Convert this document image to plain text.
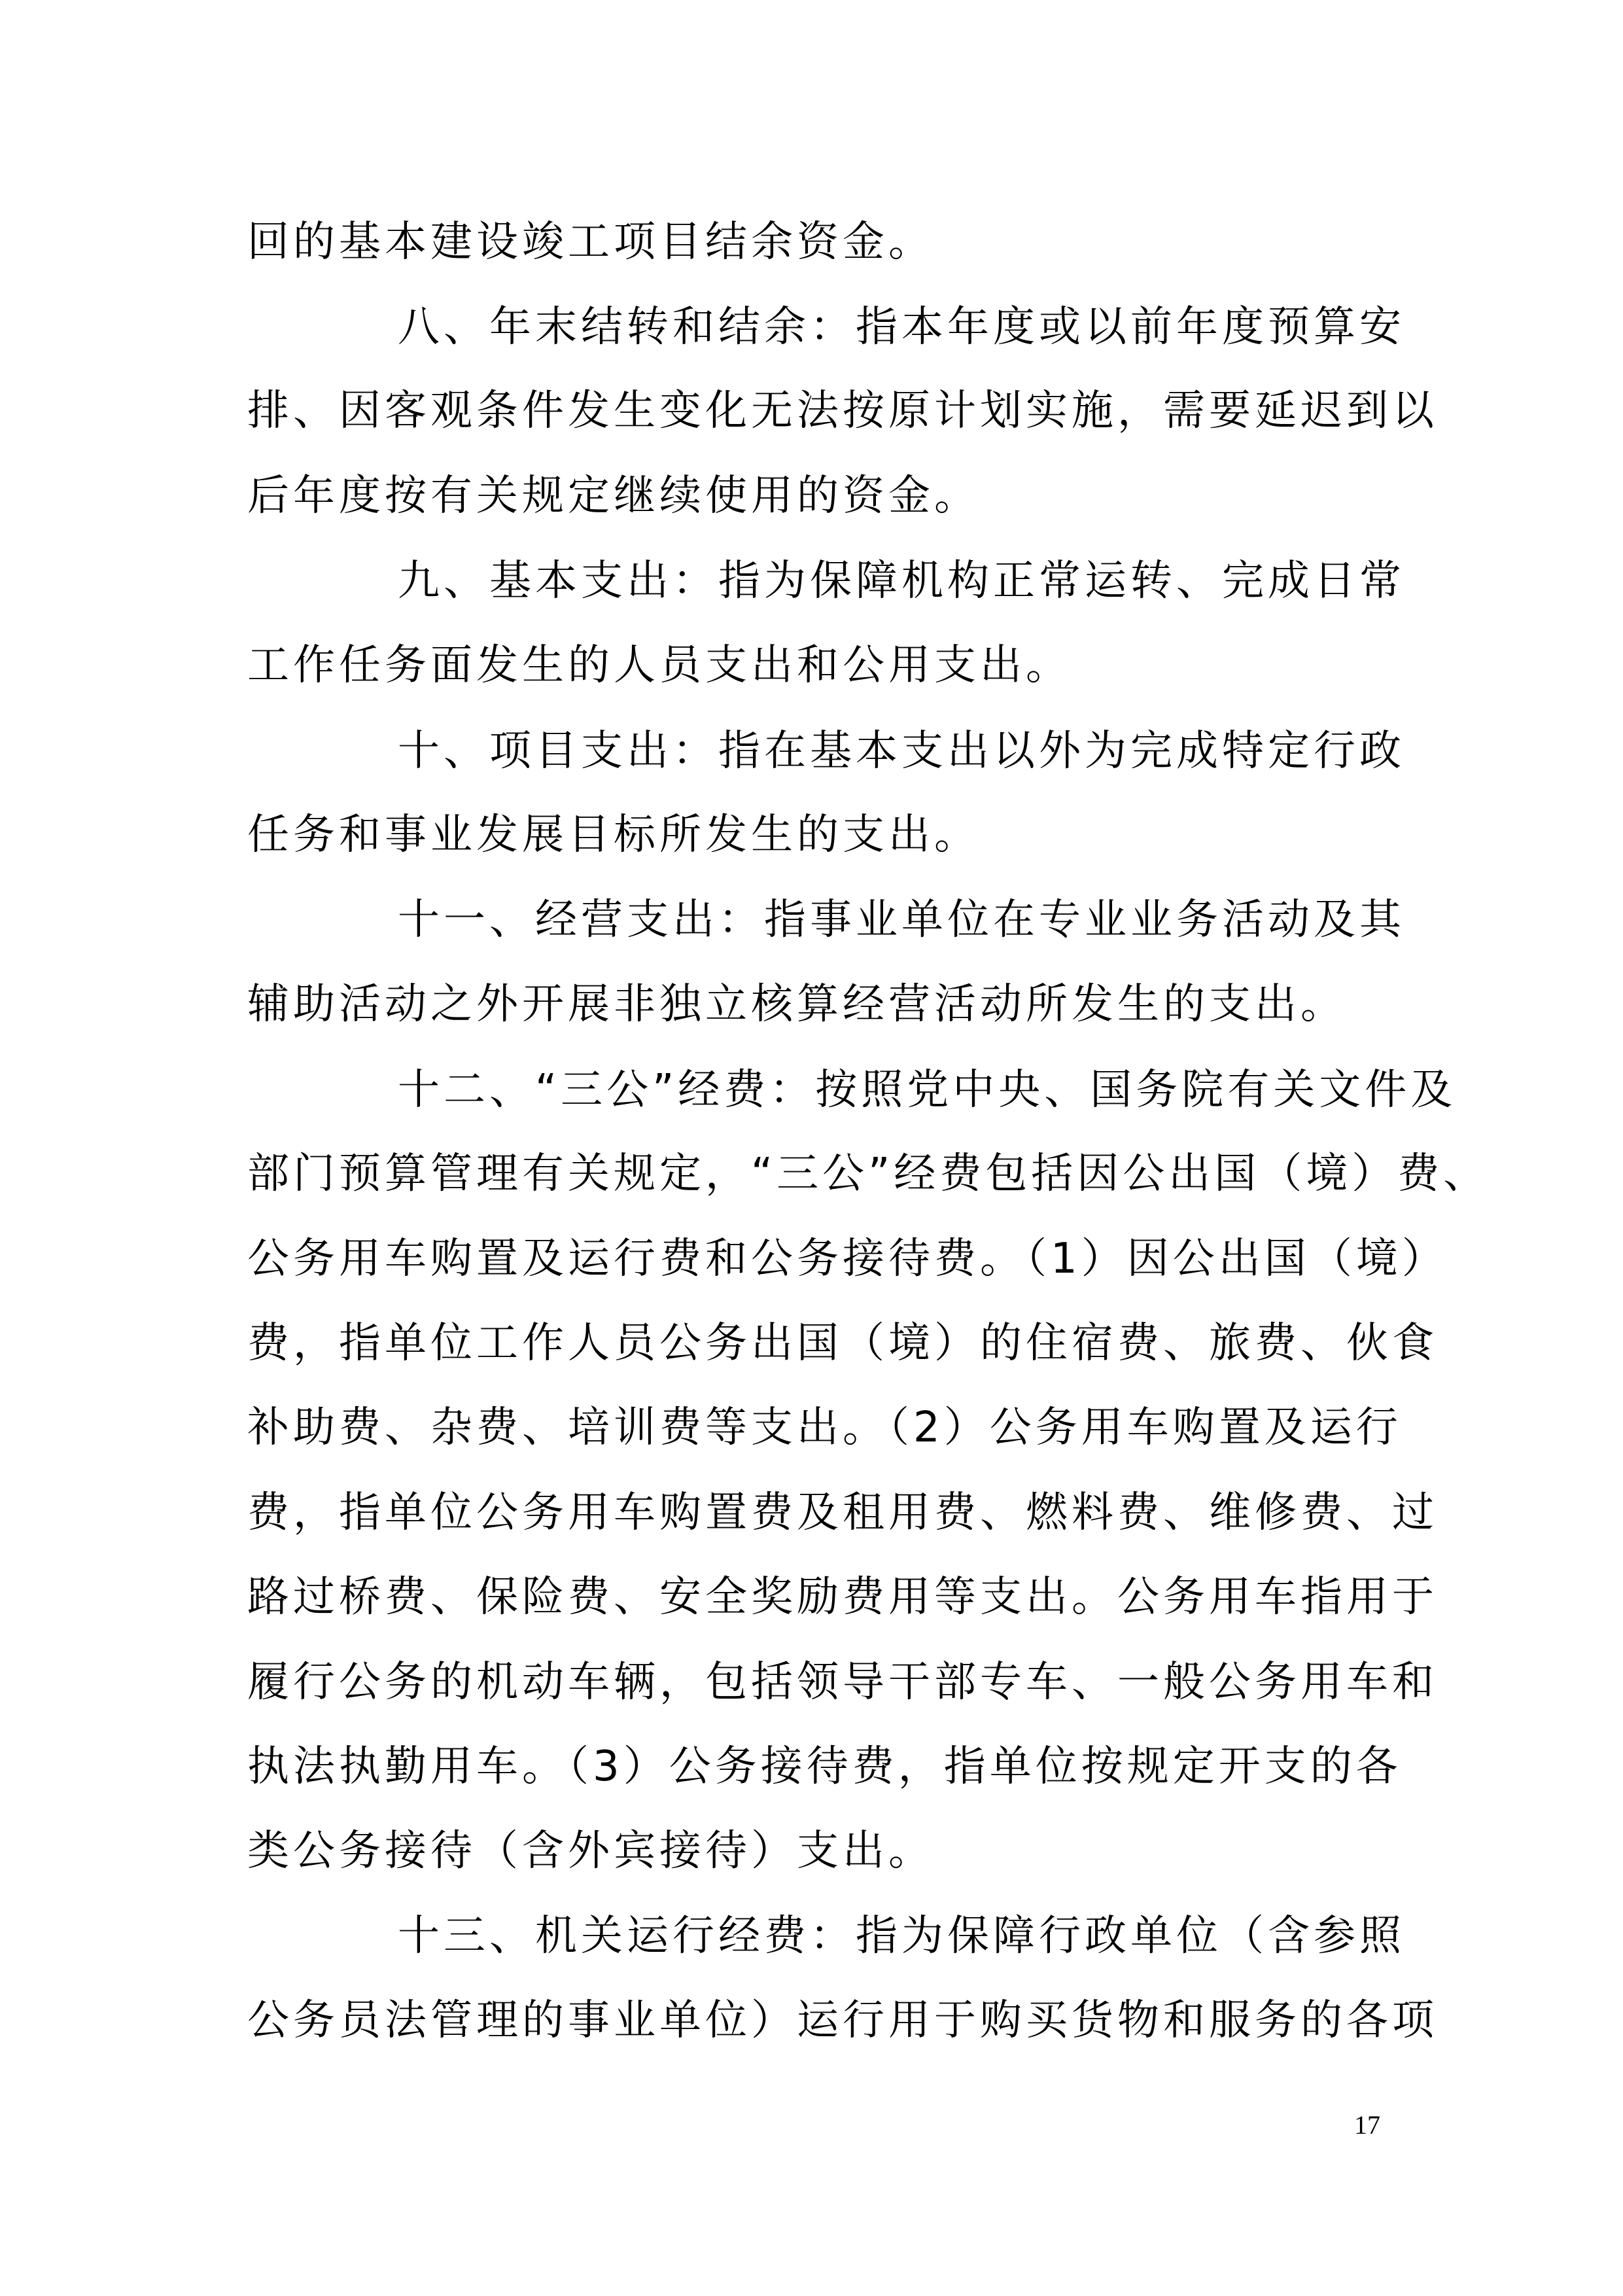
回的基本建设竣工项目结余资金。
八、年末结转和结余：指本年度或以前年度预算安
排、因客观条件发生变化无法按原计划实施，需要延迟到以
后年度按有关规定继续使用的资金。
九、基本支出：指为保障机构正常运转、完成日常
工作任务面发生的人员支出和公用支出。
十、项目支出：指在基本支出以外为完成特定行政
任务和事业发展目标所发生的支出。
十一、经营支出：指事业单位在专业业务活动及其
辅助活动之外开展非独立核算经营活动所发生的支出。
十二、“三公”经费：按照党中央、国务院有关文件及
部门预算管理有关规定，“三公”经费包括因公出国（境）费、
公务用车购置及运行费和公务接待费。（1）因公出国（境）
费，指单位工作人员公务出国（境）的住宿费、旅费、伙食
补助费、杂费、培训费等支出。（2）公务用车购置及运行
费，指单位公务用车购置费及租用费、燃料费、维修费、过
路过桥费、保险费、安全奖励费用等支出。公务用车指用于
履行公务的机动车辆，包括领导干部专车、一般公务用车和
执法执勤用车。（3）公务接待费，指单位按规定开支的各
类公务接待（含外宾接待）支出。
十三、机关运行经费：指为保障行政单位（含参照
公务员法管理的事业单位）运行用于购买货物和服务的各项
17
